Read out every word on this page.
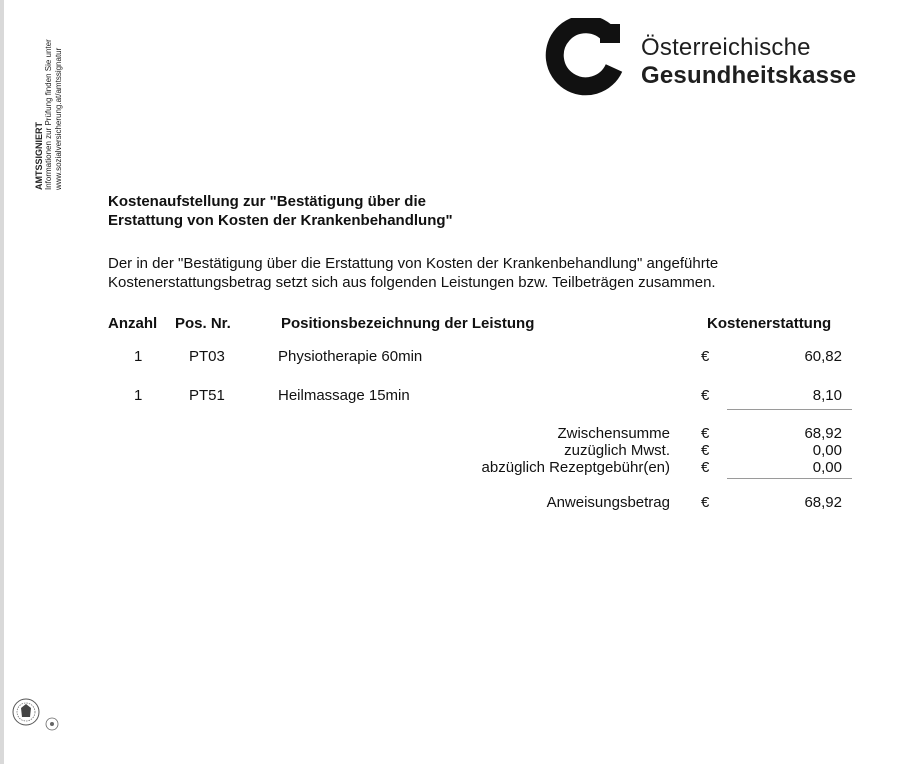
Österreichische
Gesundheitskasse
Kostenaufstellung zur "Bestätigung über die
Erstattung von Kosten der Krankenbehandlung"
Der in der "Bestätigung über die Erstattung von Kosten der Krankenbehandlung" angeführte
Kostenerstattungsbetrag setzt sich aus folgenden Leistungen bzw. Teilbeträgen zusammen.
Anzahl Pos. Nr.	Positionsbezeichnung der Leistung	Kostenerstattung
1	PT03	Physiotherapie 60min	€	60,82
1	PT51	Heilmassage 15min	€	8,10
Zwischensumme €	68,92
zuzüglich Mwst. €	0,00
abzüglich Rezeptgebühr(en) €	0,00
Anweisungsbetrag €	68,92
AMTSSIGNIERT Informationen zur Prüfung finden Sie unter www.sozialversicherung.at/amtssignatur
